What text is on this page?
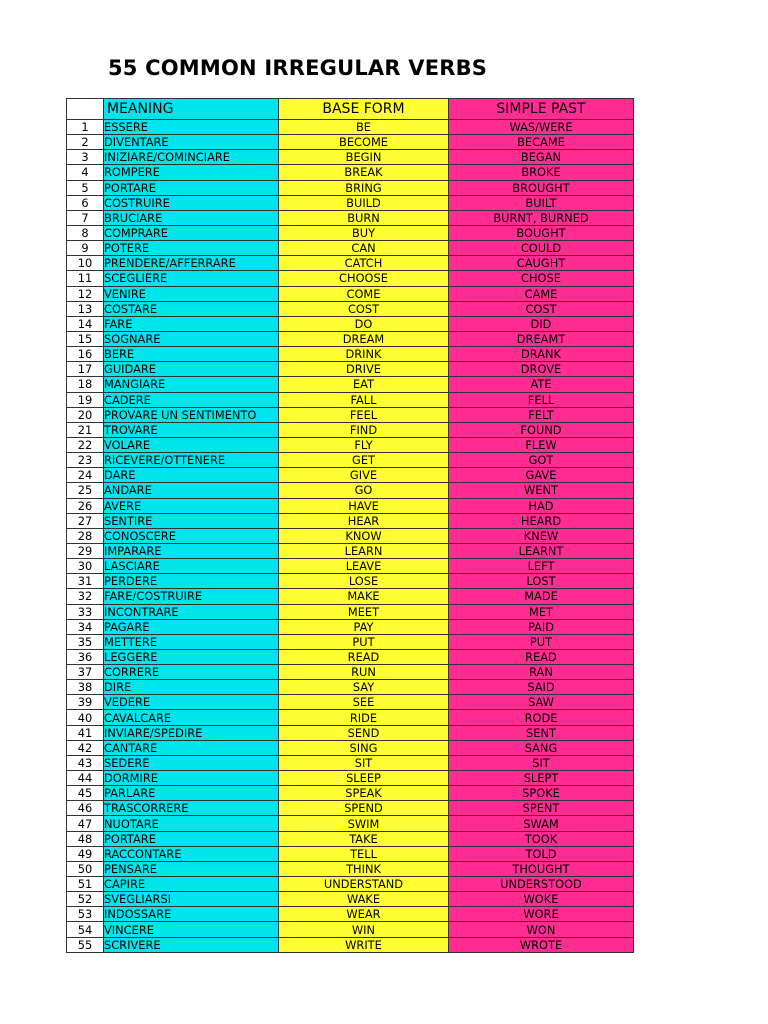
55 COMMON IRREGULAR VERBS
	MEANING	BASE FORM	SIMPLE PAST
1	ESSERE	BE	WAS/WERE
2	DIVENTARE	BECOME	BECAME
3	INIZIARE/COMINCIARE	BEGIN	BEGAN
4	ROMPERE	BREAK	BROKE
5	PORTARE	BRING	BROUGHT
6	COSTRUIRE	BUILD	BUILT
7	BRUCIARE	BURN	BURNT, BURNED
8	COMPRARE	BUY	BOUGHT
9	POTERE	CAN	COULD
10	PRENDERE/AFFERRARE	CATCH	CAUGHT
11	SCEGLIERE	CHOOSE	CHOSE
12	VENIRE	COME	CAME
13	COSTARE	COST	COST
14	FARE	DO	DID
15	SOGNARE	DREAM	DREAMT
16	BERE	DRINK	DRANK
17	GUIDARE	DRIVE	DROVE
18	MANGIARE	EAT	ATE
19	CADERE	FALL	FELL
20	PROVARE UN SENTIMENTO	FEEL	FELT
21	TROVARE	FIND	FOUND
22	VOLARE	FLY	FLEW
23	RICEVERE/OTTENERE	GET	GOT
24	DARE	GIVE	GAVE
25	ANDARE	GO	WENT
26	AVERE	HAVE	HAD
27	SENTIRE	HEAR	HEARD
28	CONOSCERE	KNOW	KNEW
29	IMPARARE	LEARN	LEARNT
30	LASCIARE	LEAVE	LEFT
31	PERDERE	LOSE	LOST
32	FARE/COSTRUIRE	MAKE	MADE
33	INCONTRARE	MEET	MET
34	PAGARE	PAY	PAID
35	METTERE	PUT	PUT
36	LEGGERE	READ	READ
37	CORRERE	RUN	RAN
38	DIRE	SAY	SAID
39	VEDERE	SEE	SAW
40	CAVALCARE	RIDE	RODE
41	INVIARE/SPEDIRE	SEND	SENT
42	CANTARE	SING	SANG
43	SEDERE	SIT	SIT
44	DORMIRE	SLEEP	SLEPT
45	PARLARE	SPEAK	SPOKE
46	TRASCORRERE	SPEND	SPENT
47	NUOTARE	SWIM	SWAM
48	PORTARE	TAKE	TOOK
49	RACCONTARE	TELL	TOLD
50	PENSARE	THINK	THOUGHT
51	CAPIRE	UNDERSTAND	UNDERSTOOD
52	SVEGLIARSI	WAKE	WOKE
53	INDOSSARE	WEAR	WORE
54	VINCERE	WIN	WON
55	SCRIVERE	WRITE	WROTE
